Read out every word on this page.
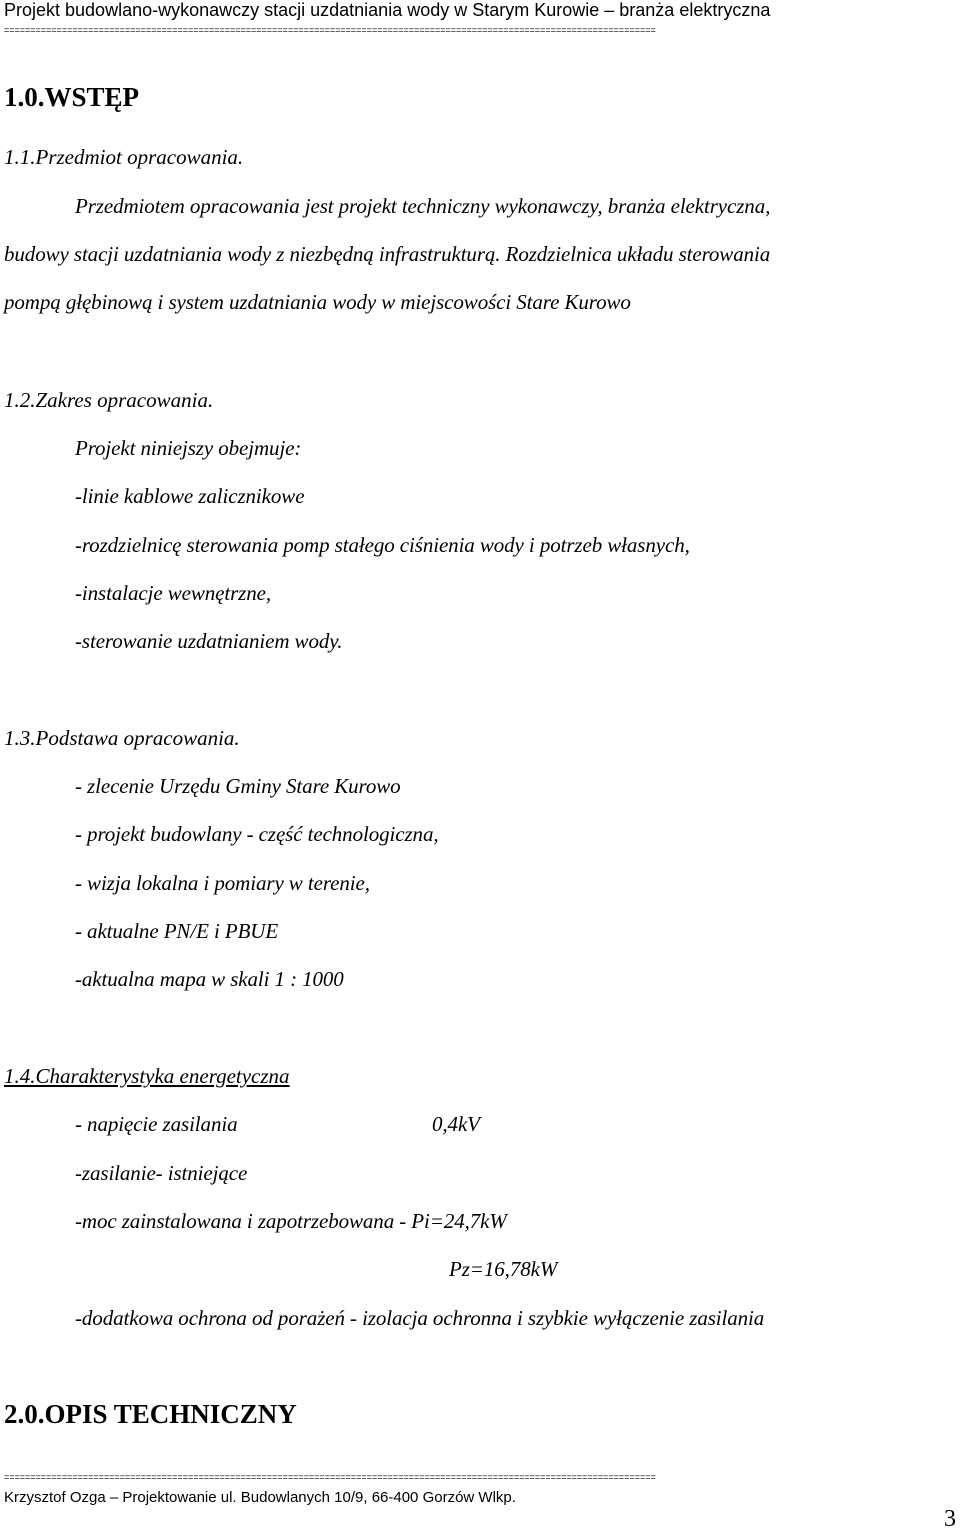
Projekt budowlano-wykonawczy stacji uzdatniania wody w Starym Kurowie – branża elektryczna
============================================================================================================================
1.0.WSTĘP
1.1.Przedmiot opracowania.
Przedmiotem opracowania jest projekt techniczny wykonawczy, branża elektryczna,
budowy stacji uzdatniania wody z niezbędną infrastrukturą. Rozdzielnica układu sterowania
pompą głębinową i system uzdatniania wody w miejscowości Stare Kurowo
1.2.Zakres opracowania.
Projekt niniejszy obejmuje:
-linie kablowe zalicznikowe
-rozdzielnicę sterowania pomp stałego ciśnienia wody i potrzeb własnych,
-instalacje wewnętrzne,
-sterowanie uzdatnianiem wody.
1.3.Podstawa opracowania.
- zlecenie Urzędu Gminy Stare Kurowo
- projekt budowlany - część technologiczna,
- wizja lokalna i pomiary w terenie,
- aktualne PN/E i PBUE
-aktualna mapa w skali 1 : 1000
1.4.Charakterystyka energetyczna
- napięcie zasilania	0,4kV
-zasilanie- istniejące
-moc zainstalowana i zapotrzebowana - Pi=24,7kW
Pz=16,78kW
-dodatkowa ochrona od porażeń - izolacja ochronna i szybkie wyłączenie zasilania
2.0.OPIS TECHNICZNY
============================================================================================================================
Krzysztof Ozga – Projektowanie ul. Budowlanych 10/9, 66-400 Gorzów Wlkp.
3
